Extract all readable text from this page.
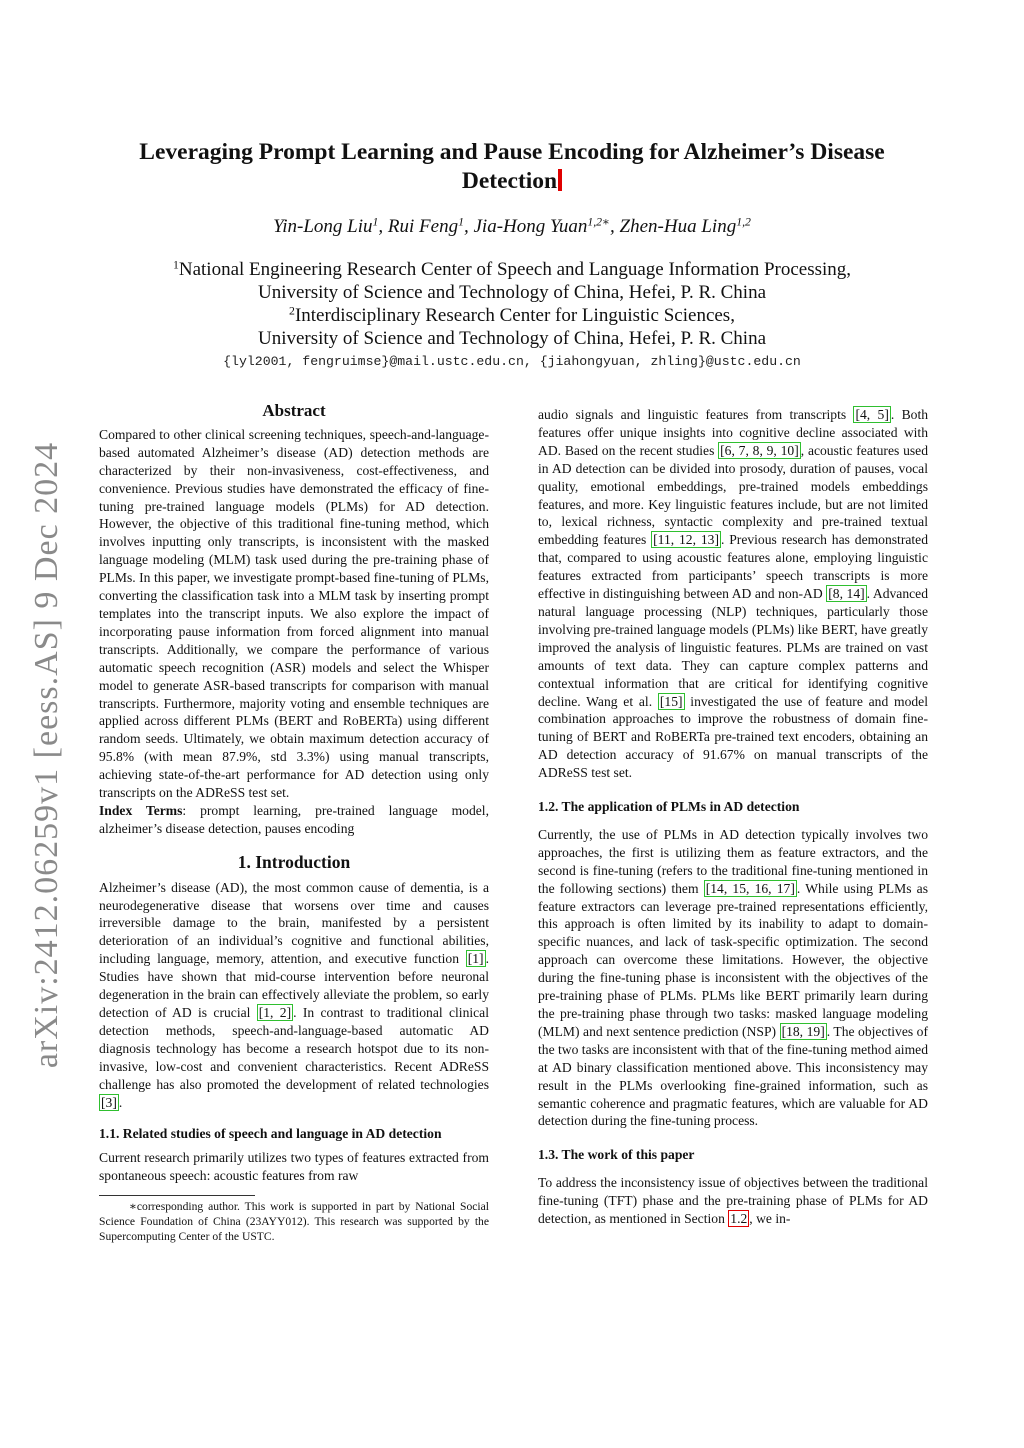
arXiv:2412.06259v1 [eess.AS] 9 Dec 2024
Leveraging Prompt Learning and Pause Encoding for Alzheimer’s Disease Detection
Yin-Long Liu$^1$, Rui Feng$^1$, Jia-Hong Yuan$^{1,2∗}$, Zhen-Hua Ling$^{1,2}$
$^1$National Engineering Research Center of Speech and Language Information Processing,
University of Science and Technology of China, Hefei, P. R. China
$^2$Interdisciplinary Research Center for Linguistic Sciences,
University of Science and Technology of China, Hefei, P. R. China
{lyl2001, fengruimse}@mail.ustc.edu.cn, {jiahongyuan, zhling}@ustc.edu.cn
Abstract

Compared to other clinical screening techniques, speech-and-language-based automated Alzheimer’s disease (AD) detection methods are characterized by their non-invasiveness, cost-effectiveness, and convenience. Previous studies have demonstrated the efficacy of fine-tuning pre-trained language models (PLMs) for AD detection. However, the objective of this traditional fine-tuning method, which involves inputting only transcripts, is inconsistent with the masked language modeling (MLM) task used during the pre-training phase of PLMs. In this paper, we investigate prompt-based fine-tuning of PLMs, converting the classification task into a MLM task by inserting prompt templates into the transcript inputs. We also explore the impact of incorporating pause information from forced alignment into manual transcripts. Additionally, we compare the performance of various automatic speech recognition (ASR) models and select the Whisper model to generate ASR-based transcripts for comparison with manual transcripts. Furthermore, majority voting and ensemble techniques are applied across different PLMs (BERT and RoBERTa) using different random seeds. Ultimately, we obtain maximum detection accuracy of 95.8% (with mean 87.9%, std 3.3%) using manual transcripts, achieving state-of-the-art performance for AD detection using only transcripts on the ADReSS test set.

Index Terms: prompt learning, pre-trained language model, alzheimer’s disease detection, pauses encoding

1. Introduction

Alzheimer’s disease (AD), the most common cause of dementia, is a neurodegenerative disease that worsens over time and causes irreversible damage to the brain, manifested by a persistent deterioration of an individual’s cognitive and functional abilities, including language, memory, attention, and executive function [1] . Studies have shown that mid-course intervention before neuronal degeneration in the brain can effectively alleviate the problem, so early detection of AD is crucial [1, 2] . In contrast to traditional clinical detection methods, speech-and-language-based automatic AD diagnosis technology has become a research hotspot due to its non-invasive, low-cost and convenient characteristics. Recent ADReSS challenge has also promoted the development of related technologies [3] .

1.1. Related studies of speech and language in AD detection

Current research primarily utilizes two types of features extracted from spontaneous speech: acoustic features from raw

∗corresponding author. This work is supported in part by National Social Science Foundation of China (23AYY012). This research was supported by the Supercomputing Center of the USTC.

audio signals and linguistic features from transcripts [4, 5] . Both features offer unique insights into cognitive decline associated with AD. Based on the recent studies [6, 7, 8, 9, 10] , acoustic features used in AD detection can be divided into prosody, duration of pauses, vocal quality, emotional embeddings, pre-trained models embeddings features, and more. Key linguistic features include, but are not limited to, lexical richness, syntactic complexity and pre-trained textual embedding features [11, 12, 13] . Previous research has demonstrated that, compared to using acoustic features alone, employing linguistic features extracted from participants’ speech transcripts is more effective in distinguishing between AD and non-AD [8, 14] . Advanced natural language processing (NLP) techniques, particularly those involving pre-trained language models (PLMs) like BERT, have greatly improved the analysis of linguistic features. PLMs are trained on vast amounts of text data. They can capture complex patterns and contextual information that are critical for identifying cognitive decline. Wang et al. [15] investigated the use of feature and model combination approaches to improve the robustness of domain fine-tuning of BERT and RoBERTa pre-trained text encoders, obtaining an AD detection accuracy of 91.67% on manual transcripts of the ADReSS test set.

1.2. The application of PLMs in AD detection

Currently, the use of PLMs in AD detection typically involves two approaches, the first is utilizing them as feature extractors, and the second is fine-tuning (refers to the traditional fine-tuning mentioned in the following sections) them [14, 15, 16, 17] . While using PLMs as feature extractors can leverage pre-trained representations efficiently, this approach is often limited by its inability to adapt to domain-specific nuances, and lack of task-specific optimization. The second approach can overcome these limitations. However, the objective during the fine-tuning phase is inconsistent with the objectives of the pre-training phase of PLMs. PLMs like BERT primarily learn during the pre-training phase through two tasks: masked language modeling (MLM) and next sentence prediction (NSP) [18, 19] . The objectives of the two tasks are inconsistent with that of the fine-tuning method aimed at AD binary classification mentioned above. This inconsistency may result in the PLMs overlooking fine-grained information, such as semantic coherence and pragmatic features, which are valuable for AD detection during the fine-tuning process.

1.3. The work of this paper

To address the inconsistency issue of objectives between the traditional fine-tuning (TFT) phase and the pre-training phase of PLMs for AD detection, as mentioned in Section 1.2 , we in-
